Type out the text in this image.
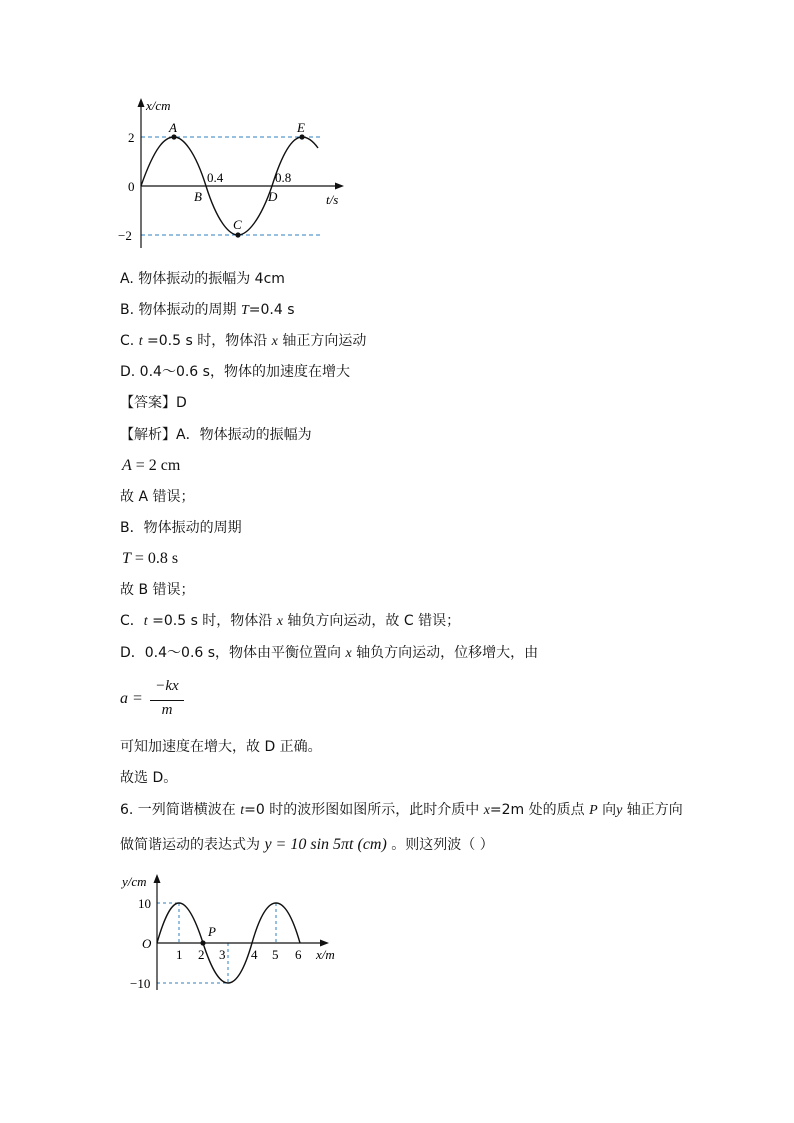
x/cm
2
0
−2
0.4	0.8
t/s
A
B
C
D
E
A. 物体振动的振幅为 4cm
B. 物体振动的周期 T=0.4 s
C. t =0.5 s 时，物体沿 x 轴正方向运动
D. 0.4～0.6 s，物体的加速度在增大
【答案】D
【解析】A．物体振动的振幅为
A = 2 cm
故 A 错误；
B．物体振动的周期
T = 0.8 s
故 B 错误；
C．t =0.5 s 时，物体沿 x 轴负方向运动，故 C 错误；
D．0.4～0.6 s，物体由平衡位置向 x 轴负方向运动，位移增大，由
a =
−kx
m
可知加速度在增大，故 D 正确。
故选 D。
6. 一列简谐横波在 t=0 时的波形图如图所示，此时介质中 x=2m 处的质点 P 向y 轴正方向
做简谐运动的表达式为 y = 10 sin 5πt (cm) 。则这列波（ ）
y/cm
10
O
−10
1 2 3 4 5 6 x/m
P
